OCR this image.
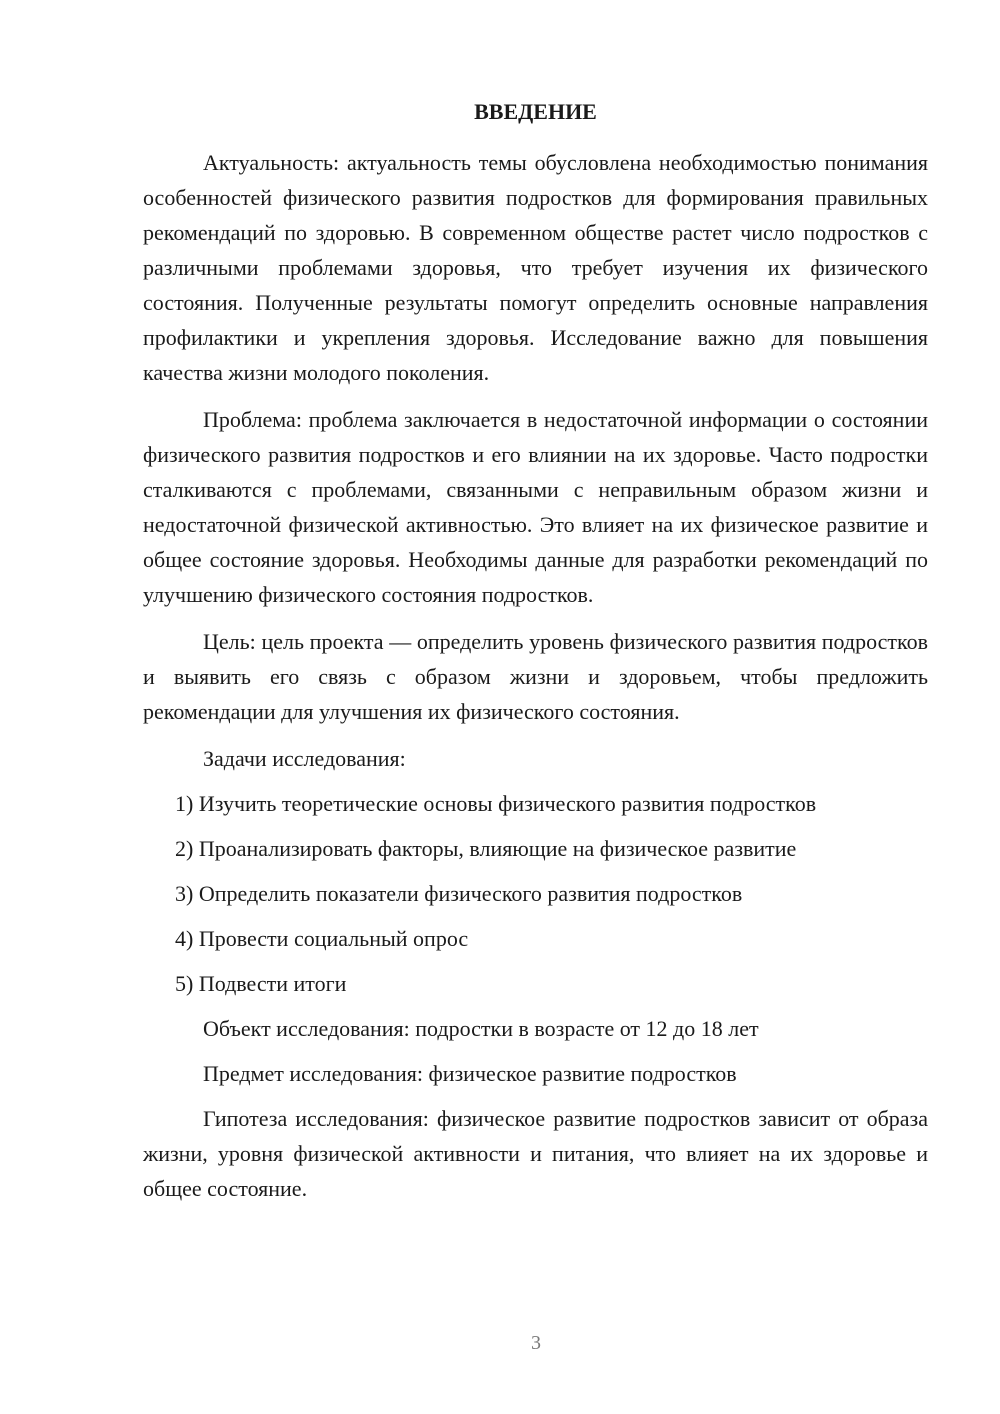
ВВЕДЕНИЕ

Актуальность: актуальность темы обусловлена необходимостью понимания особенностей физического развития подростков для формирования правильных рекомендаций по здоровью. В современном обществе растет число подростков с различными проблемами здоровья, что требует изучения их физического состояния. Полученные результаты помогут определить основные направления профилактики и укрепления здоровья. Исследование важно для повышения качества жизни молодого поколения.

Проблема: проблема заключается в недостаточной информации о состоянии физического развития подростков и его влиянии на их здоровье. Часто подростки сталкиваются с проблемами, связанными с неправильным образом жизни и недостаточной физической активностью. Это влияет на их физическое развитие и общее состояние здоровья. Необходимы данные для разработки рекомендаций по улучшению физического состояния подростков.

Цель: цель проекта — определить уровень физического развития подростков и выявить его связь с образом жизни и здоровьем, чтобы предложить рекомендации для улучшения их физического состояния.

Задачи исследования:
1) Изучить теоретические основы физического развития подростков
2) Проанализировать факторы, влияющие на физическое развитие
3) Определить показатели физического развития подростков
4) Провести социальный опрос
5) Подвести итоги
Объект исследования: подростки в возрасте от 12 до 18 лет
Предмет исследования: физическое развитие подростков

Гипотеза исследования: физическое развитие подростков зависит от образа жизни, уровня физической активности и питания, что влияет на их здоровье и общее состояние.

3
